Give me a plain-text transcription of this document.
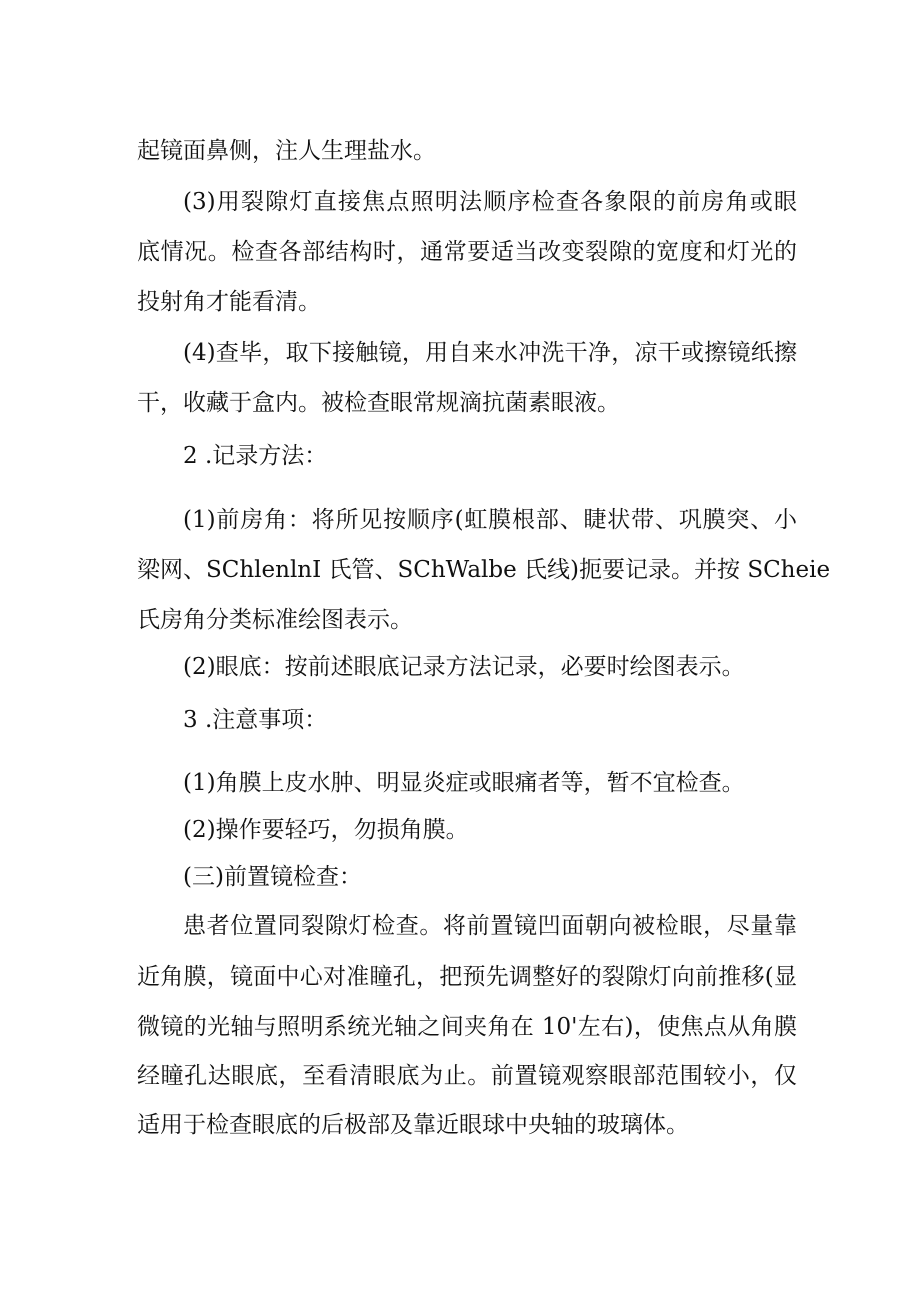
起镜面鼻侧，注人生理盐水。
(3)用裂隙灯直接焦点照明法顺序检查各象限的前房角或眼
底情况。检查各部结构时，通常要适当改变裂隙的宽度和灯光的
投射角才能看清。
(4)查毕，取下接触镜，用自来水冲洗干净，凉干或擦镜纸擦
干，收藏于盒内。被检查眼常规滴抗菌素眼液。
2 .记录方法：
(1)前房角：将所见按顺序(虹膜根部、睫状带、巩膜突、小
梁网、SChlenlnI 氏管、SChWalbe 氏线)扼要记录。并按 SCheie
氏房角分类标准绘图表示。
(2)眼底：按前述眼底记录方法记录，必要时绘图表示。
3 .注意事项：
(1)角膜上皮水肿、明显炎症或眼痛者等，暂不宜检查。
(2)操作要轻巧，勿损角膜。
(三)前置镜检查：
患者位置同裂隙灯检查。将前置镜凹面朝向被检眼，尽量靠
近角膜，镜面中心对准瞳孔，把预先调整好的裂隙灯向前推移(显
微镜的光轴与照明系统光轴之间夹角在 10'左右)，使焦点从角膜
经瞳孔达眼底，至看清眼底为止。前置镜观察眼部范围较小，仅
适用于检查眼底的后极部及靠近眼球中央轴的玻璃体。
